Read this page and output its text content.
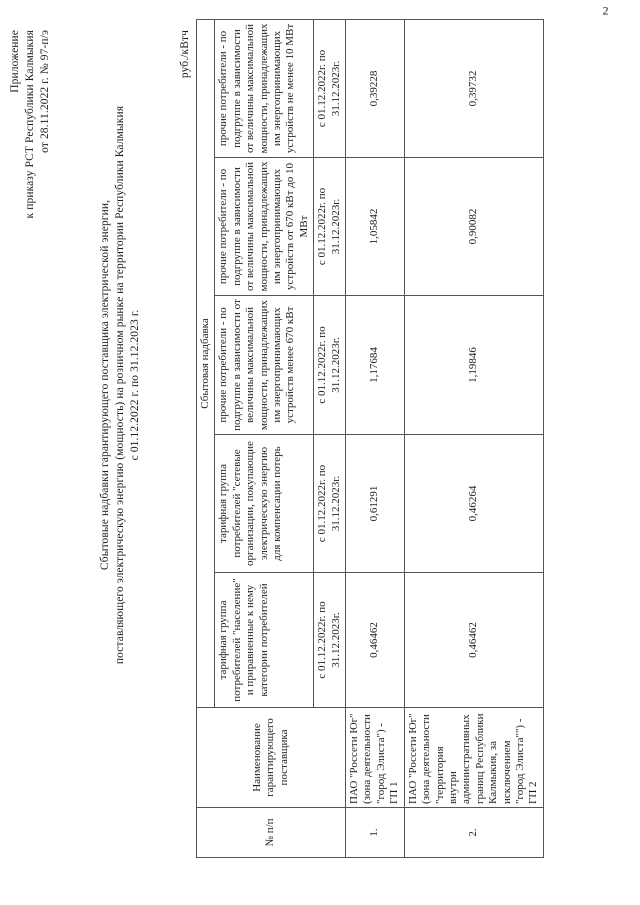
Приложение к приказу РСТ Республики Калмыкия от 28.11.2022 г. № 97-п/э
Сбытовые надбавки гарантирующего поставщика электрической энергии, поставляющего электрическую энергию (мощность) на розничном рынке на территории Республики Калмыкия с 01.12.2022 г. по 31.12.2023 г.
руб./кВтч
№ п/п	Наименование гарантирующего поставщика	Сбытовая надбавка				
		тарифная группа потребителей "население" и приравненные к нему категории потребителей	тарифная группа потребителей "сетевые организации, покупающие электрическую энергию для компенсации потерь	прочие потребители - по подгруппе в зависимости от величины максимальной мощности, принадлежащих им энергопринимающих устройств менее 670 кВт	прочие потребители - по подгруппе в зависимости от величины максимальной мощности, принадлежащих им энергопринимающих устройств от 670 кВт до 10 МВт	прочие потребители - по подгруппе в зависимости от величины максимальной мощности, принадлежащих им энергопринимающих устройств не менее 10 МВт
		с 01.12.2022г. по 31.12.2023г.	с 01.12.2022г. по 31.12.2023г.	с 01.12.2022г. по 31.12.2023г.	с 01.12.2022г. по 31.12.2023г.	с 01.12.2022г. по 31.12.2023г.
1.	ПАО "Россети Юг" (зона деятельности "город Элиста") - ГП 1	0,46462	0,61291	1,17684	1,05842	0,39228
2.	ПАО "Россети Юг" (зона деятельности "территория внутри административных границ Республики Калмыкия, за исключением "город Элиста"") - ГП 2	0,46462	0,46264	1,19846	0,90082	0,39732
2
